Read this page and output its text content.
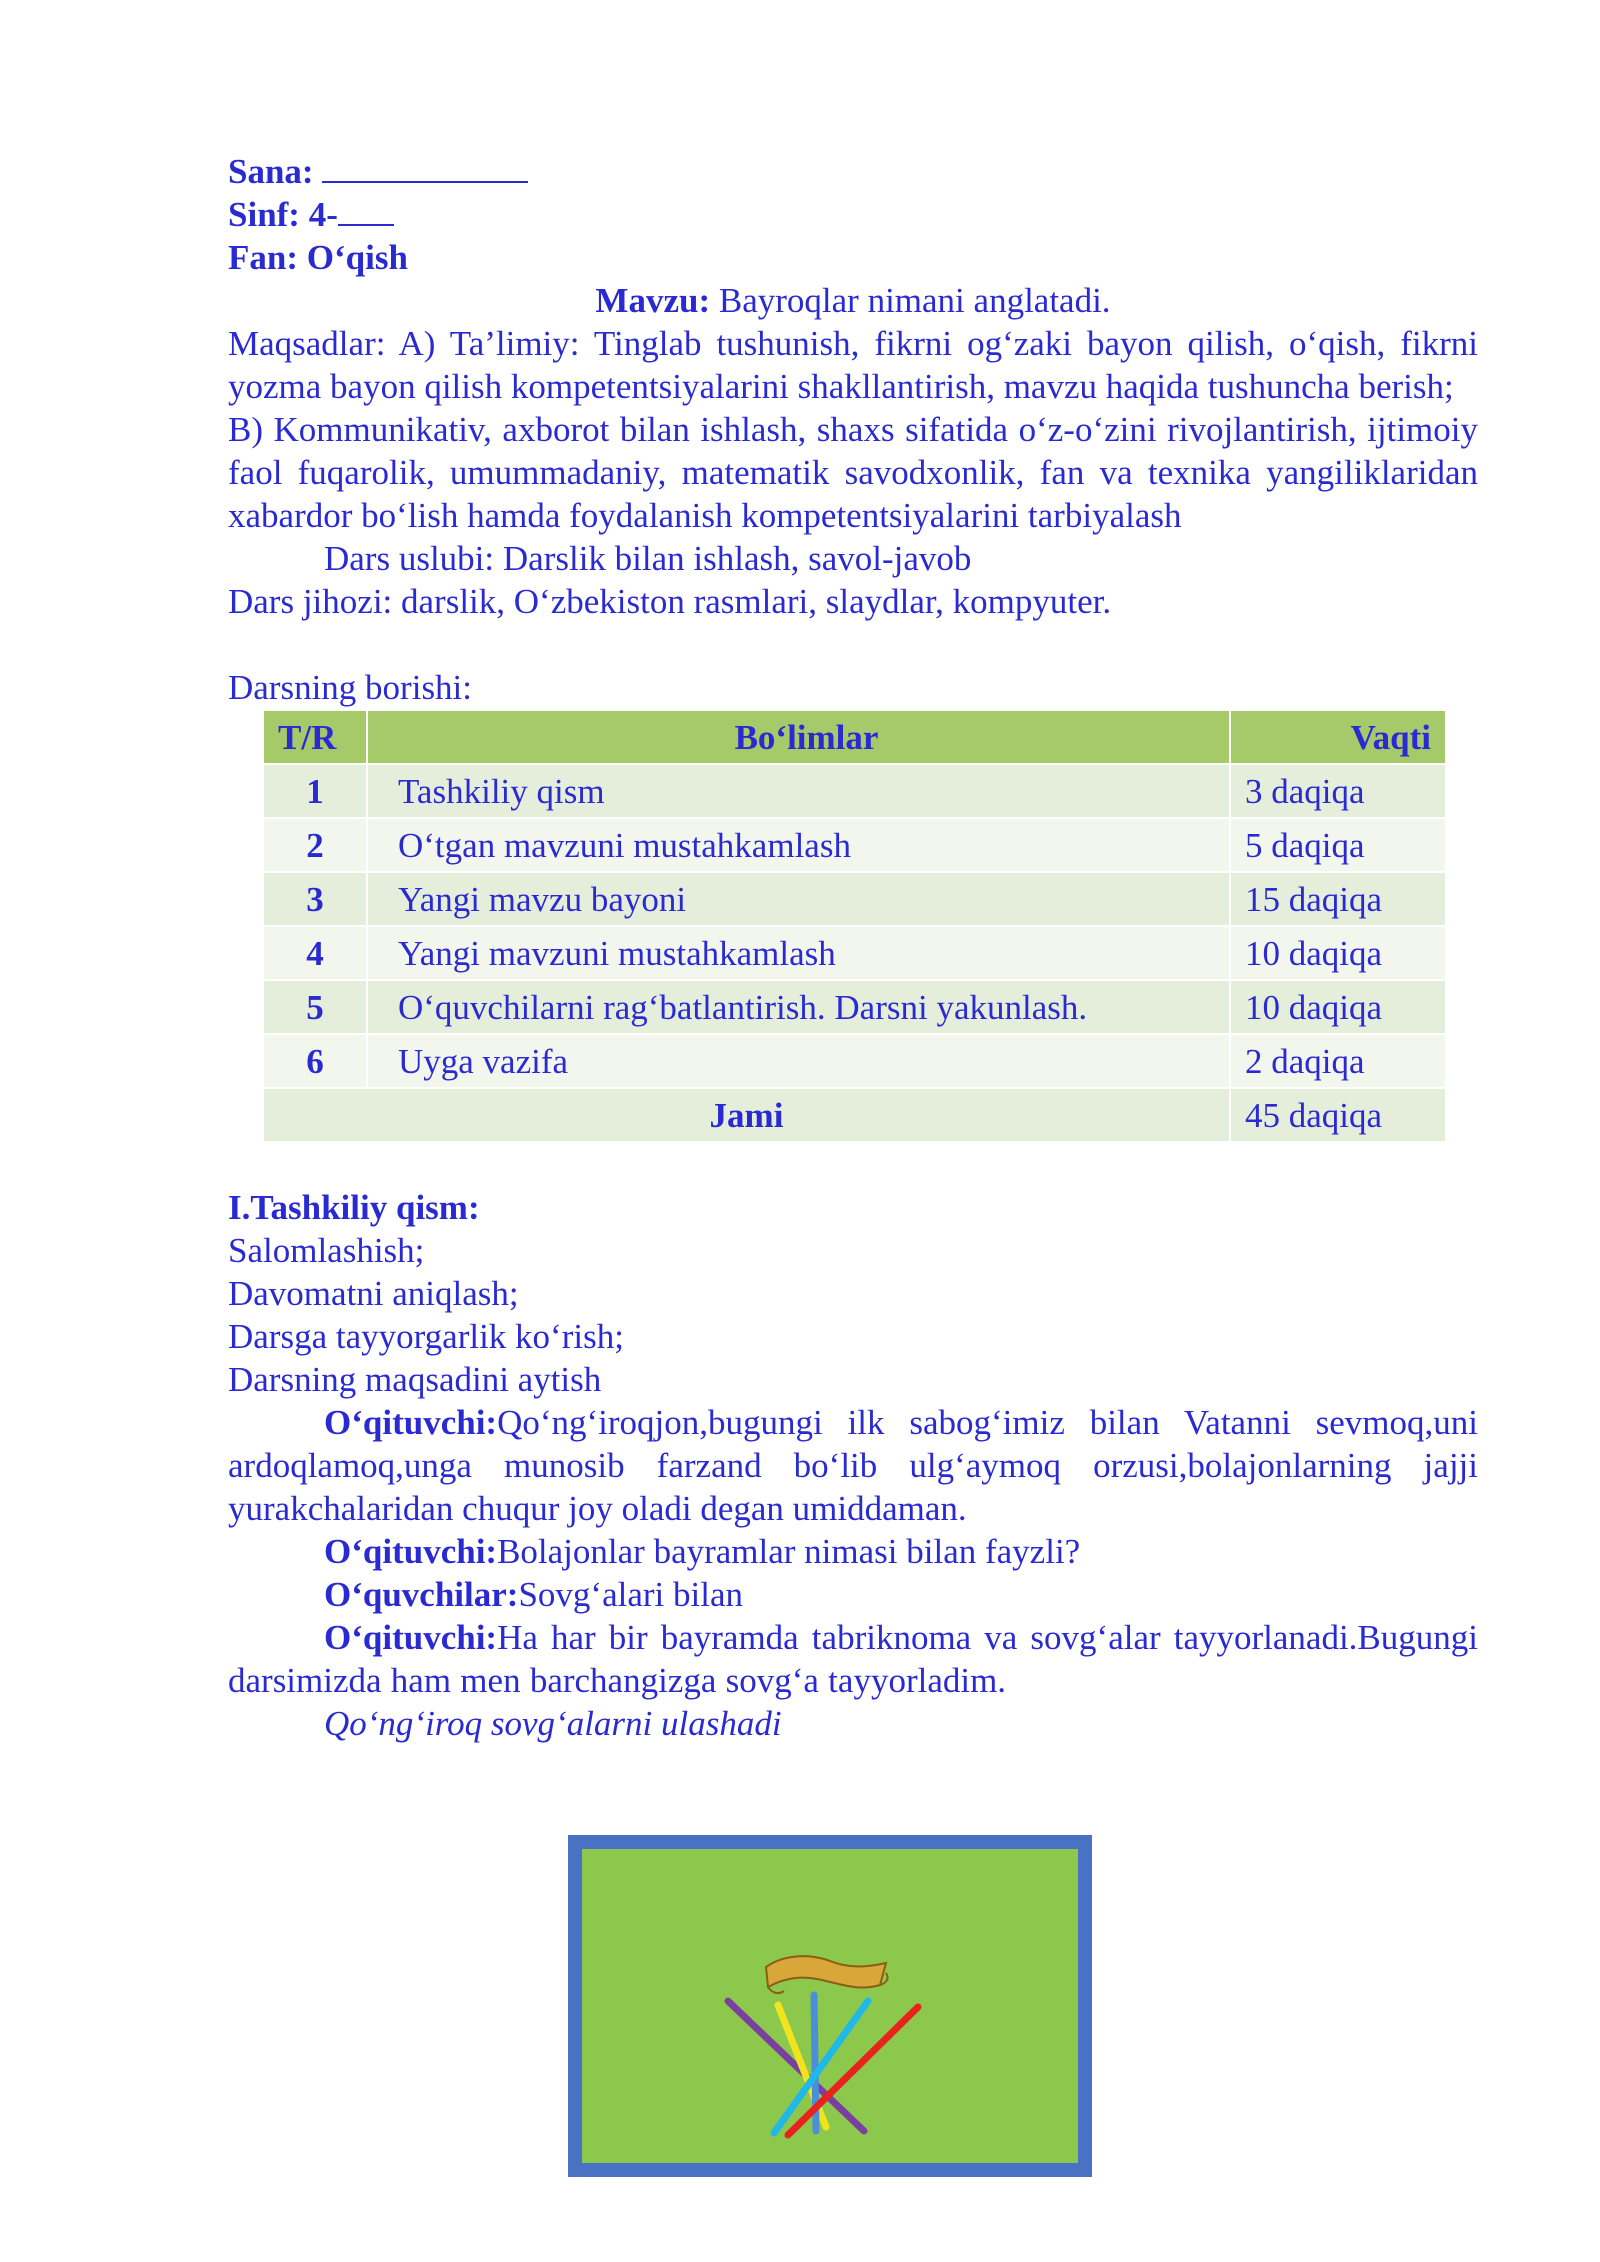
Sana:

Sinf: 4-

Fan: O‘qish

Mavzu: Bayroqlar nimani anglatadi.

Maqsadlar: A) Ta’limiy: Tinglab tushunish, fikrni og‘zaki bayon qilish, o‘qish, fikrni yozma bayon qilish kompetentsiyalarini shakllantirish, mavzu haqida tushuncha berish;

B) Kommunikativ, axborot bilan ishlash, shaxs sifatida o‘z-o‘zini rivojlantirish, ijtimoiy faol fuqarolik, umummadaniy, matematik savodxonlik, fan va texnika yangiliklaridan xabardor bo‘lish hamda foydalanish kompetentsiyalarini tarbiyalash

Dars uslubi: Darslik bilan ishlash, savol-javob

Dars jihozi: darslik, O‘zbekiston rasmlari, slaydlar, kompyuter.

Darsning borishi:

T/R	Bo‘limlar	Vaqti
1	Tashkiliy qism	3 daqiqa
2	O‘tgan mavzuni mustahkamlash	5 daqiqa
3	Yangi mavzu bayoni	15 daqiqa
4	Yangi mavzuni mustahkamlash	10 daqiqa
5	O‘quvchilarni rag‘batlantirish. Darsni yakunlash.	10 daqiqa
6	Uyga vazifa	2 daqiqa
Jami		45 daqiqa

I.Tashkiliy qism:

Salomlashish;

Davomatni aniqlash;

Darsga tayyorgarlik ko‘rish;

Darsning maqsadini aytish

O‘qituvchi:Qo‘ng‘iroqjon,bugungi ilk sabog‘imiz bilan Vatanni sevmoq,uni ardoqlamoq,unga munosib farzand bo‘lib ulg‘aymoq orzusi,bolajonlarning jajji yurakchalaridan chuqur joy oladi degan umiddaman.

O‘qituvchi:Bolajonlar bayramlar nimasi bilan fayzli?

O‘quvchilar:Sovg‘alari bilan

O‘qituvchi:Ha har bir bayramda tabriknoma va sovg‘alar tayyorlanadi.Bugungi darsimizda ham men barchangizga sovg‘a tayyorladim.

Qo‘ng‘iroq sovg‘alarni ulashadi
